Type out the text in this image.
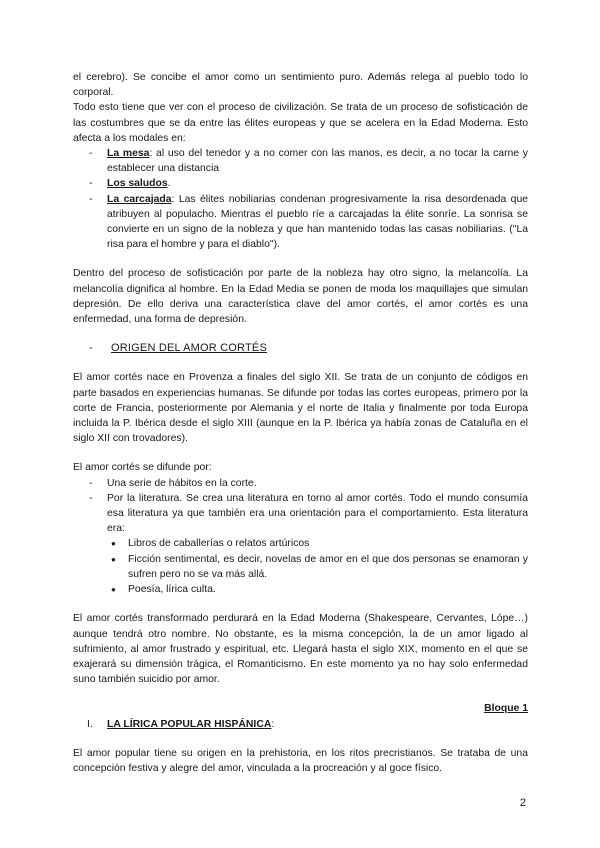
el cerebro). Se concibe el amor como un sentimiento puro. Además relega al pueblo todo lo corporal.

Todo esto tiene que ver con el proceso de civilización. Se trata de un proceso de sofisticación de las costumbres que se da entre las élites europeas y que se acelera en la Edad Moderna. Esto afecta a los modales en:

- La mesa: al uso del tenedor y a no comer con las manos, es decir, a no tocar la carne y establecer una distancia
- Los saludos.
- La carcajada: Las élites nobiliarias condenan progresivamente la risa desordenada que atribuyen al populacho. Mientras el pueblo ríe a carcajadas la élite sonríe. La sonrisa se convierte en un signo de la nobleza y que han mantenido todas las casas nobiliarias. ("La risa para el hombre y para el diablo").

Dentro del proceso de sofisticación por parte de la nobleza hay otro signo, la melancolía. La melancolía dignifica al hombre. En la Edad Media se ponen de moda los maquillajes que simulan depresión. De ello deriva una característica clave del amor cortés, el amor cortés es una enfermedad, una forma de depresión.

- ORIGEN DEL AMOR CORTÉS

El amor cortés nace en Provenza a finales del siglo XII. Se trata de un conjunto de códigos en parte basados en experiencias humanas. Se difunde por todas las cortes europeas, primero por la corte de Francia, posteriormente por Alemania y el norte de Italia y finalmente por toda Europa incluida la P. Ibérica desde el siglo XIII (aunque en la P. Ibérica ya había zonas de Cataluña en el siglo XII con trovadores).

El amor cortés se difunde por:

- Una serie de hábitos en la corte.
- Por la literatura. Se crea una literatura en torno al amor cortés. Todo el mundo consumía esa literatura ya que también era una orientación para el comportamiento. Esta literatura era:
● Libros de caballerías o relatos artúricos
● Ficción sentimental, es decir, novelas de amor en el que dos personas se enamoran y sufren pero no se va más allá.
● Poesía, lírica culta.

El amor cortés transformado perdurará en la Edad Moderna (Shakespeare, Cervantes, Lópe…) aunque tendrá otro nombre. No obstante, es la misma concepción, la de un amor ligado al sufrimiento, al amor frustrado y espiritual, etc. Llegará hasta el siglo XIX, momento en el que se exajerará su dimensión trágica, el Romanticismo. En este momento ya no hay solo enfermedad suno también suicidio por amor.

Bloque 1
I. LA LÍRICA POPULAR HISPÁNICA:

El amor popular tiene su origen en la prehistoria, en los ritos precristianos. Se trataba de una concepción festiva y alegre del amor, vinculada a la procreación y al goce físico.

2
